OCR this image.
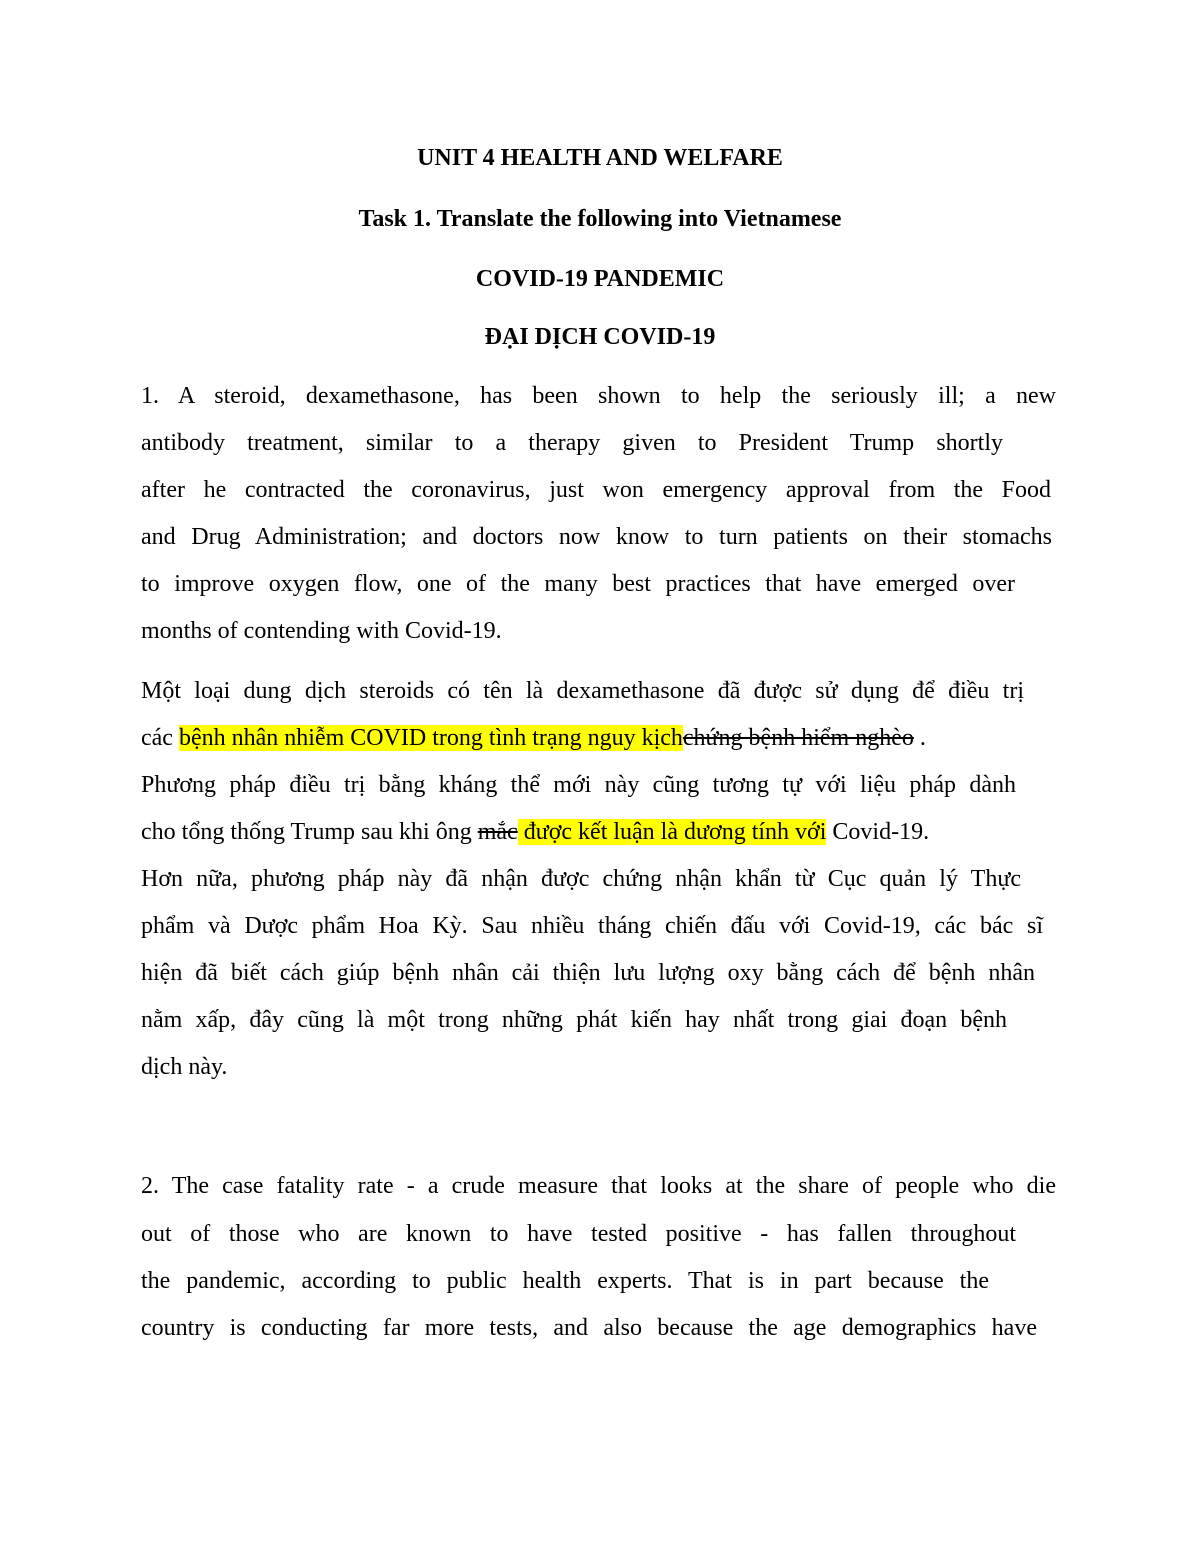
UNIT 4 HEALTH AND WELFARE
Task 1. Translate the following into Vietnamese
COVID-19 PANDEMIC
ĐẠI DỊCH COVID-19
1. A steroid, dexamethasone, has been shown to help the seriously ill; a new
antibody treatment, similar to a therapy given to President Trump shortly
after he contracted the coronavirus, just won emergency approval from the Food
and Drug Administration; and doctors now know to turn patients on their stomachs
to improve oxygen flow, one of the many best practices that have emerged over
months of contending with Covid-19.
Một loại dung dịch steroids có tên là dexamethasone đã được sử dụng để điều trị
các bệnh nhân nhiễm COVID trong tình trạng nguy kịchchứng bệnh hiểm nghèo .
Phương pháp điều trị bằng kháng thể mới này cũng tương tự với liệu pháp dành
cho tổng thống Trump sau khi ông mắc được kết luận là dương tính với Covid-19.
Hơn nữa, phương pháp này đã nhận được chứng nhận khẩn từ Cục quản lý Thực
phẩm và Dược phẩm Hoa Kỳ. Sau nhiều tháng chiến đấu với Covid-19, các bác sĩ
hiện đã biết cách giúp bệnh nhân cải thiện lưu lượng oxy bằng cách để bệnh nhân
nằm xấp, đây cũng là một trong những phát kiến hay nhất trong giai đoạn bệnh
dịch này.
2. The case fatality rate - a crude measure that looks at the share of people who die
out of those who are known to have tested positive - has fallen throughout
the pandemic, according to public health experts. That is in part because the
country is conducting far more tests, and also because the age demographics have
